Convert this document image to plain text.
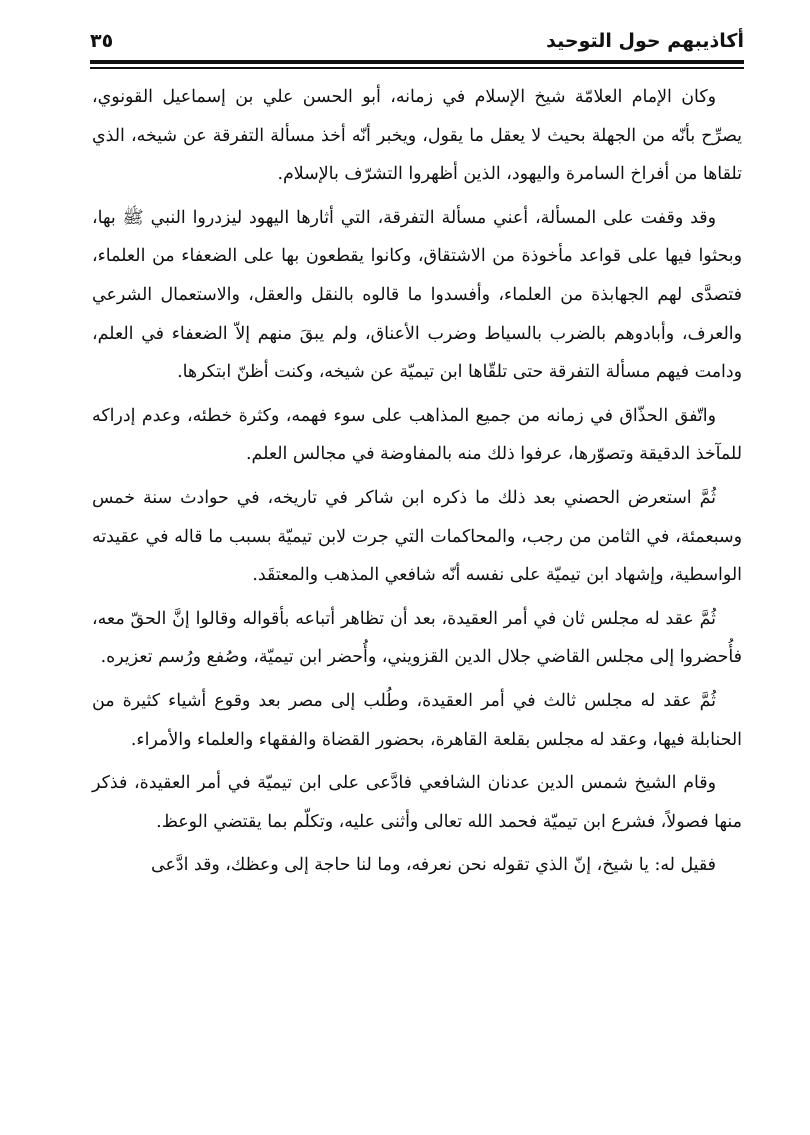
أكاذيبهم حول التوحيد
٣٥

وكان الإمام العلامّة شيخ الإسلام في زمانه، أبو الحسن علي بن إسماعيل القونوي، يصرِّح بأنّه من الجهلة بحيث لا يعقل ما يقول، ويخبر أنّه أخذ مسألة التفرقة عن شيخه، الذي تلقاها من أفراخ السامرة واليهود، الذين أظهروا التشرّف بالإسلام.

وقد وقفت على المسألة، أعني مسألة التفرقة، التي أثارها اليهود ليزدروا النبي ﷺ بها، وبحثوا فيها على قواعد مأخوذة من الاشتقاق، وكانوا يقطعون بها على الضعفاء من العلماء، فتصدَّى لهم الجهابذة من العلماء، وأفسدوا ما قالوه بالنقل والعقل، والاستعمال الشرعي والعرف، وأبادوهم بالضرب بالسياط وضرب الأعناق، ولم يبقَ منهم إلاّ الضعفاء في العلم، ودامت فيهم مسألة التفرقة حتى تلقّاها ابن تيميّة عن شيخه، وكنت أظنّ ابتكرها.

واتّفق الحذّاق في زمانه من جميع المذاهب على سوء فهمه، وكثرة خطئه، وعدم إدراكه للمآخذ الدقيقة وتصوّرها، عرفوا ذلك منه بالمفاوضة في مجالس العلم.

ثُمَّ استعرض الحصني بعد ذلك ما ذكره ابن شاكر في تاريخه، في حوادث سنة خمس وسبعمئة، في الثامن من رجب، والمحاكمات التي جرت لابن تيميّة بسبب ما قاله في عقيدته الواسطية، وإشهاد ابن تيميّة على نفسه أنّه شافعي المذهب والمعتقَد.

ثُمَّ عقد له مجلس ثان في أمر العقيدة، بعد أن تظاهر أتباعه بأقواله وقالوا إنَّ الحقّ معه، فأُحضروا إلى مجلس القاضي جلال الدين القزويني، وأُحضر ابن تيميّة، وصُفع ورُسم تعزيره.

ثُمَّ عقد له مجلس ثالث في أمر العقيدة، وطُلب إلى مصر بعد وقوع أشياء كثيرة من الحنابلة فيها، وعقد له مجلس بقلعة القاهرة، بحضور القضاة والفقهاء والعلماء والأمراء.

وقام الشيخ شمس الدين عدنان الشافعي فادَّعى على ابن تيميّة في أمر العقيدة، فذكر منها فصولاً، فشرع ابن تيميّة فحمد الله تعالى وأثنى عليه، وتكلّم بما يقتضي الوعظ.

فقيل له: يا شيخ، إنّ الذي تقوله نحن نعرفه، وما لنا حاجة إلى وعظك، وقد ادَّعى
